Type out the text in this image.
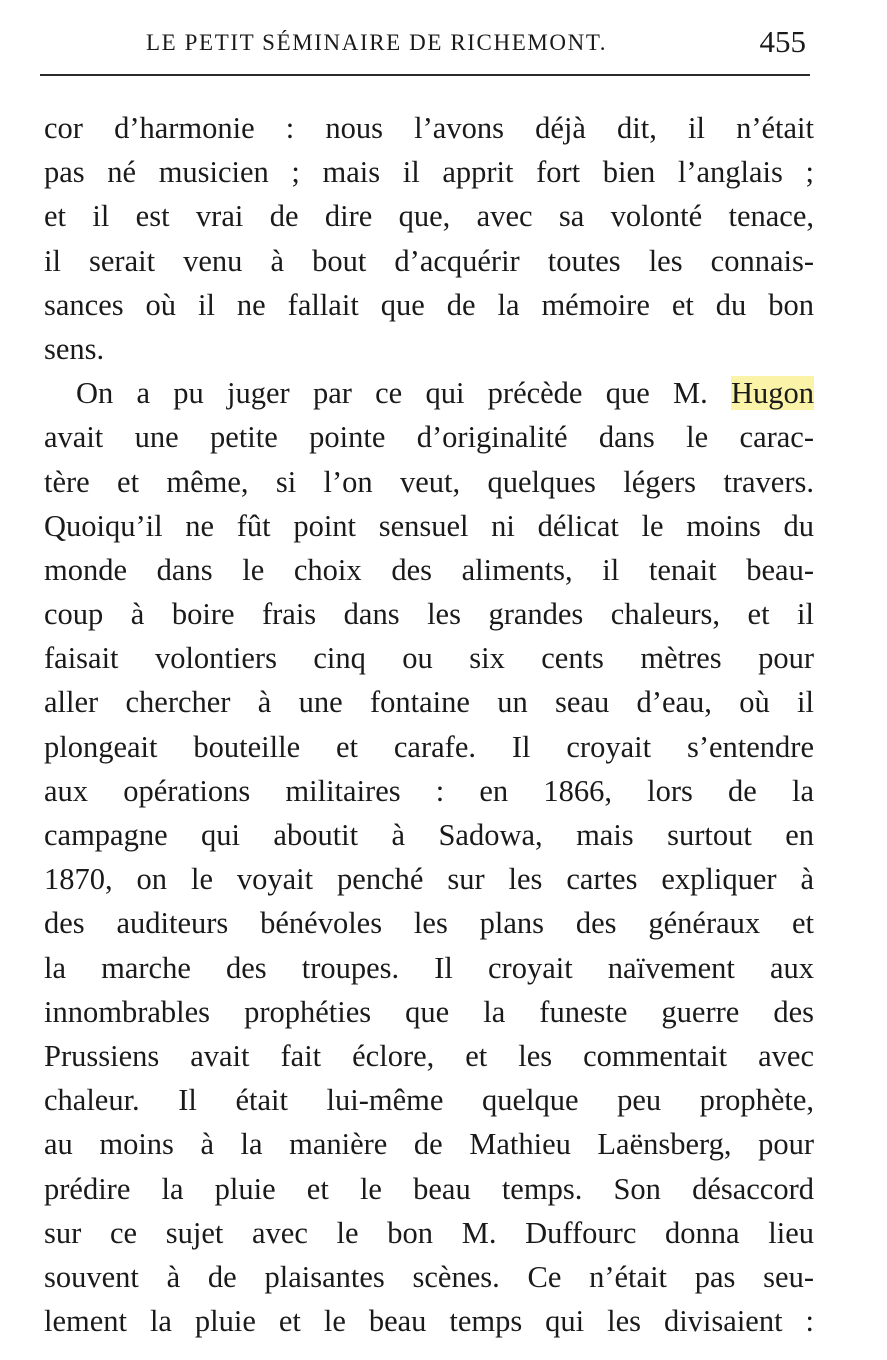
LE PETIT SÉMINAIRE DE RICHEMONT.	455
cor d’harmonie : nous l’avons déjà dit, il n’était
pas né musicien ; mais il apprit fort bien l’anglais ;
et il est vrai de dire que, avec sa volonté tenace,
il serait venu à bout d’acquérir toutes les connais-
sances où il ne fallait que de la mémoire et du bon
sens.
On a pu juger par ce qui précède que M. Hugon
avait une petite pointe d’originalité dans le carac-
tère et même, si l’on veut, quelques légers travers.
Quoiqu’il ne fût point sensuel ni délicat le moins du
monde dans le choix des aliments, il tenait beau-
coup à boire frais dans les grandes chaleurs, et il
faisait volontiers cinq ou six cents mètres pour
aller chercher à une fontaine un seau d’eau, où il
plongeait bouteille et carafe. Il croyait s’entendre
aux opérations militaires : en 1866, lors de la
campagne qui aboutit à Sadowa, mais surtout en
1870, on le voyait penché sur les cartes expliquer à
des auditeurs bénévoles les plans des généraux et
la marche des troupes. Il croyait naïvement aux
innombrables prophéties que la funeste guerre des
Prussiens avait fait éclore, et les commentait avec
chaleur. Il était lui-même quelque peu prophète,
au moins à la manière de Mathieu Laënsberg, pour
prédire la pluie et le beau temps. Son désaccord
sur ce sujet avec le bon M. Duffourc donna lieu
souvent à de plaisantes scènes. Ce n’était pas seu-
lement la pluie et le beau temps qui les divisaient :
